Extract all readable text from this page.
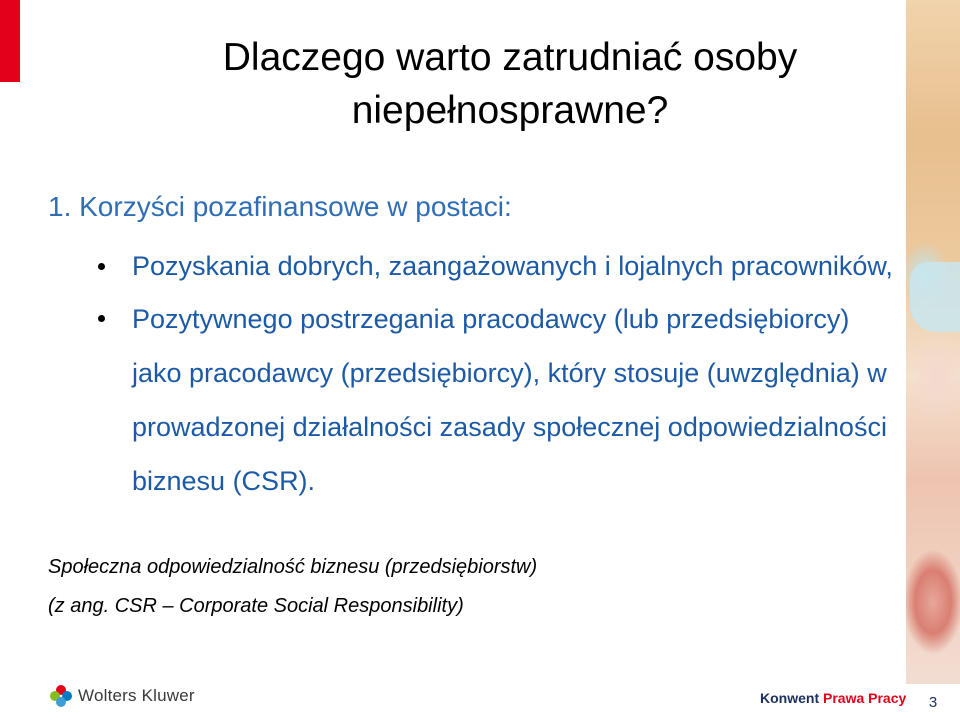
Dlaczego warto zatrudniać osoby niepełnosprawne?
1. Korzyści pozafinansowe w postaci:
Pozyskania dobrych, zaangażowanych i lojalnych pracowników,
Pozytywnego postrzegania pracodawcy (lub przedsiębiorcy) jako pracodawcy (przedsiębiorcy), który stosuje (uwzględnia) w prowadzonej działalności zasady społecznej odpowiedzialności biznesu (CSR).
Społeczna odpowiedzialność biznesu (przedsiębiorstw)
(z ang. CSR – Corporate Social Responsibility)
Wolters Kluwer	Konwent Prawa Pracy	3
